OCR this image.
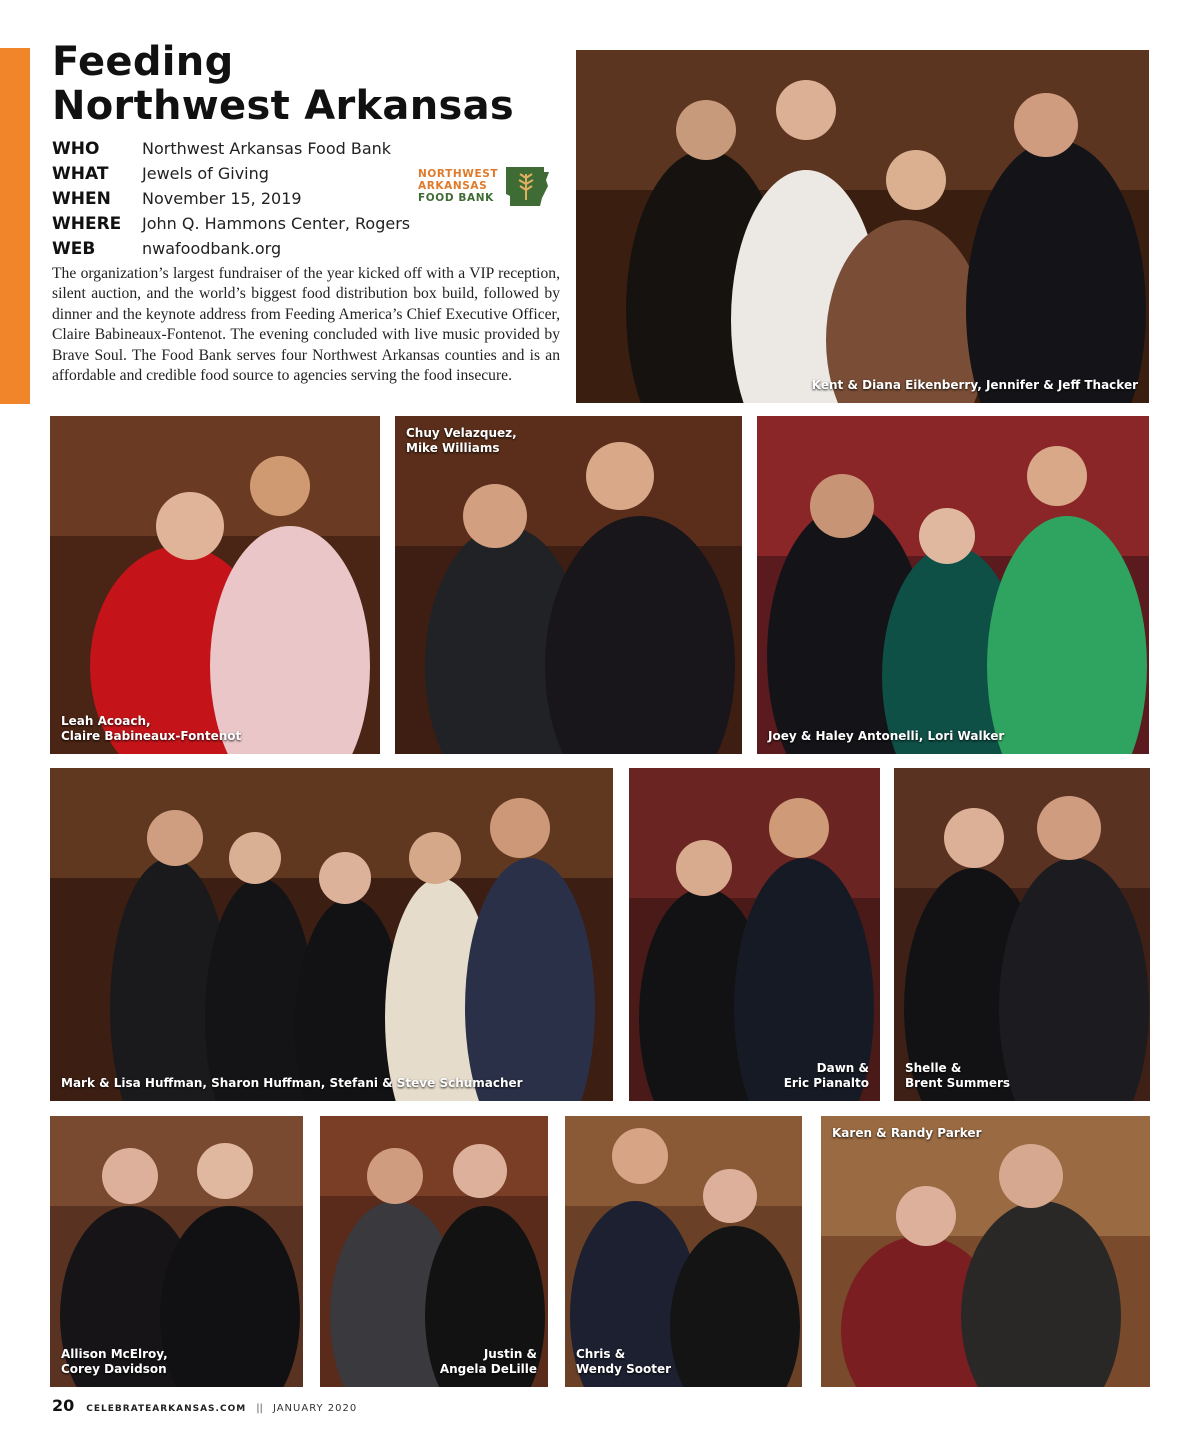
Feeding
Northwest Arkansas
WHO	Northwest Arkansas Food Bank
WHAT	Jewels of Giving
WHEN	November 15, 2019
WHERE	John Q. Hammons Center, Rogers
WEB	nwafoodbank.org
NORTHWEST
ARKANSAS
FOOD BANK

The organization’s largest fundraiser of the year kicked off with a VIP reception, silent auction, and the world’s biggest food distribution box build, followed by dinner and the keynote address from Feeding America’s Chief Executive Officer, Claire Babineaux-Fontenot. The evening concluded with live music provided by Brave Soul. The Food Bank serves four Northwest Arkansas counties and is an affordable and credible food source to agencies serving the food insecure.

Kent & Diana Eikenberry, Jennifer & Jeff Thacker
Leah Acoach,
Claire Babineaux-Fontenot
Chuy Velazquez,
Mike Williams
Joey & Haley Antonelli, Lori Walker
Mark & Lisa Huffman, Sharon Huffman, Stefani & Steve Schumacher
Dawn &
Eric Pianalto
Shelle &
Brent Summers
Allison McElroy,
Corey Davidson
Justin &
Angela DeLille
Chris &
Wendy Sooter
Karen & Randy Parker
20 CELEBRATEARKANSAS.COM || JANUARY 2020
